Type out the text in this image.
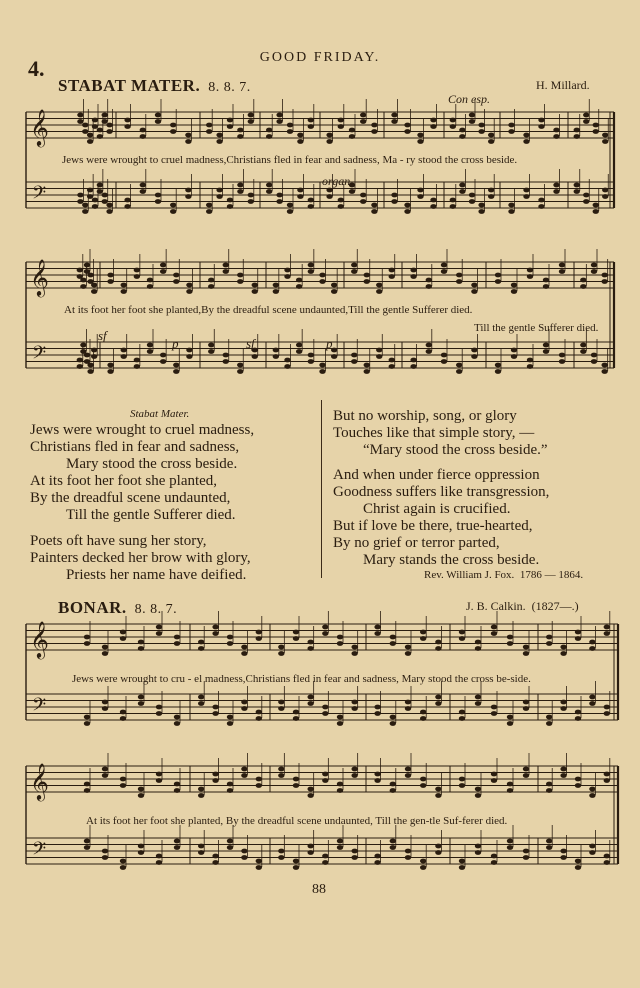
GOOD FRIDAY.
4.
STABAT MATER. 8. 8. 7.	H. Millard.
Con esp.
𝄞
𝄢
𝄞
𝄢
𝄞
𝄢
𝄞
𝄢
Jews were wrought to cruel madness,Christians fled in fear and sadness, Ma - ry stood the cross beside.
organ.
At its foot her foot she planted,By the dreadful scene undaunted,Till the gentle Sufferer died.
Till the gentle Sufferer died.
sf
p	sf	p
Stabat Mater.
Jews were wrought to cruel madness,
Christians fled in fear and sadness,
Mary stood the cross beside.
At its foot her foot she planted,
By the dreadful scene undaunted,
Till the gentle Sufferer died.
Poets oft have sung her story,
Painters decked her brow with glory,
Priests her name have deified.
But no worship, song, or glory
Touches like that simple story, —
“Mary stood the cross beside.”
And when under fierce oppression
Goodness suffers like transgression,
Christ again is crucified.
But if love be there, true-hearted,
By no grief or terror parted,
Mary stands the cross beside.
Rev. William J. Fox. 1786 — 1864.
BONAR. 8. 8. 7.	J. B. Calkin. (1827—.)
Jews were wrought to cru - el madness,Christians fled in fear and sadness, Mary stood the cross be-side.
At its foot her foot she planted, By the dreadful scene undaunted, Till the gen-tle Suf-ferer died.
88
